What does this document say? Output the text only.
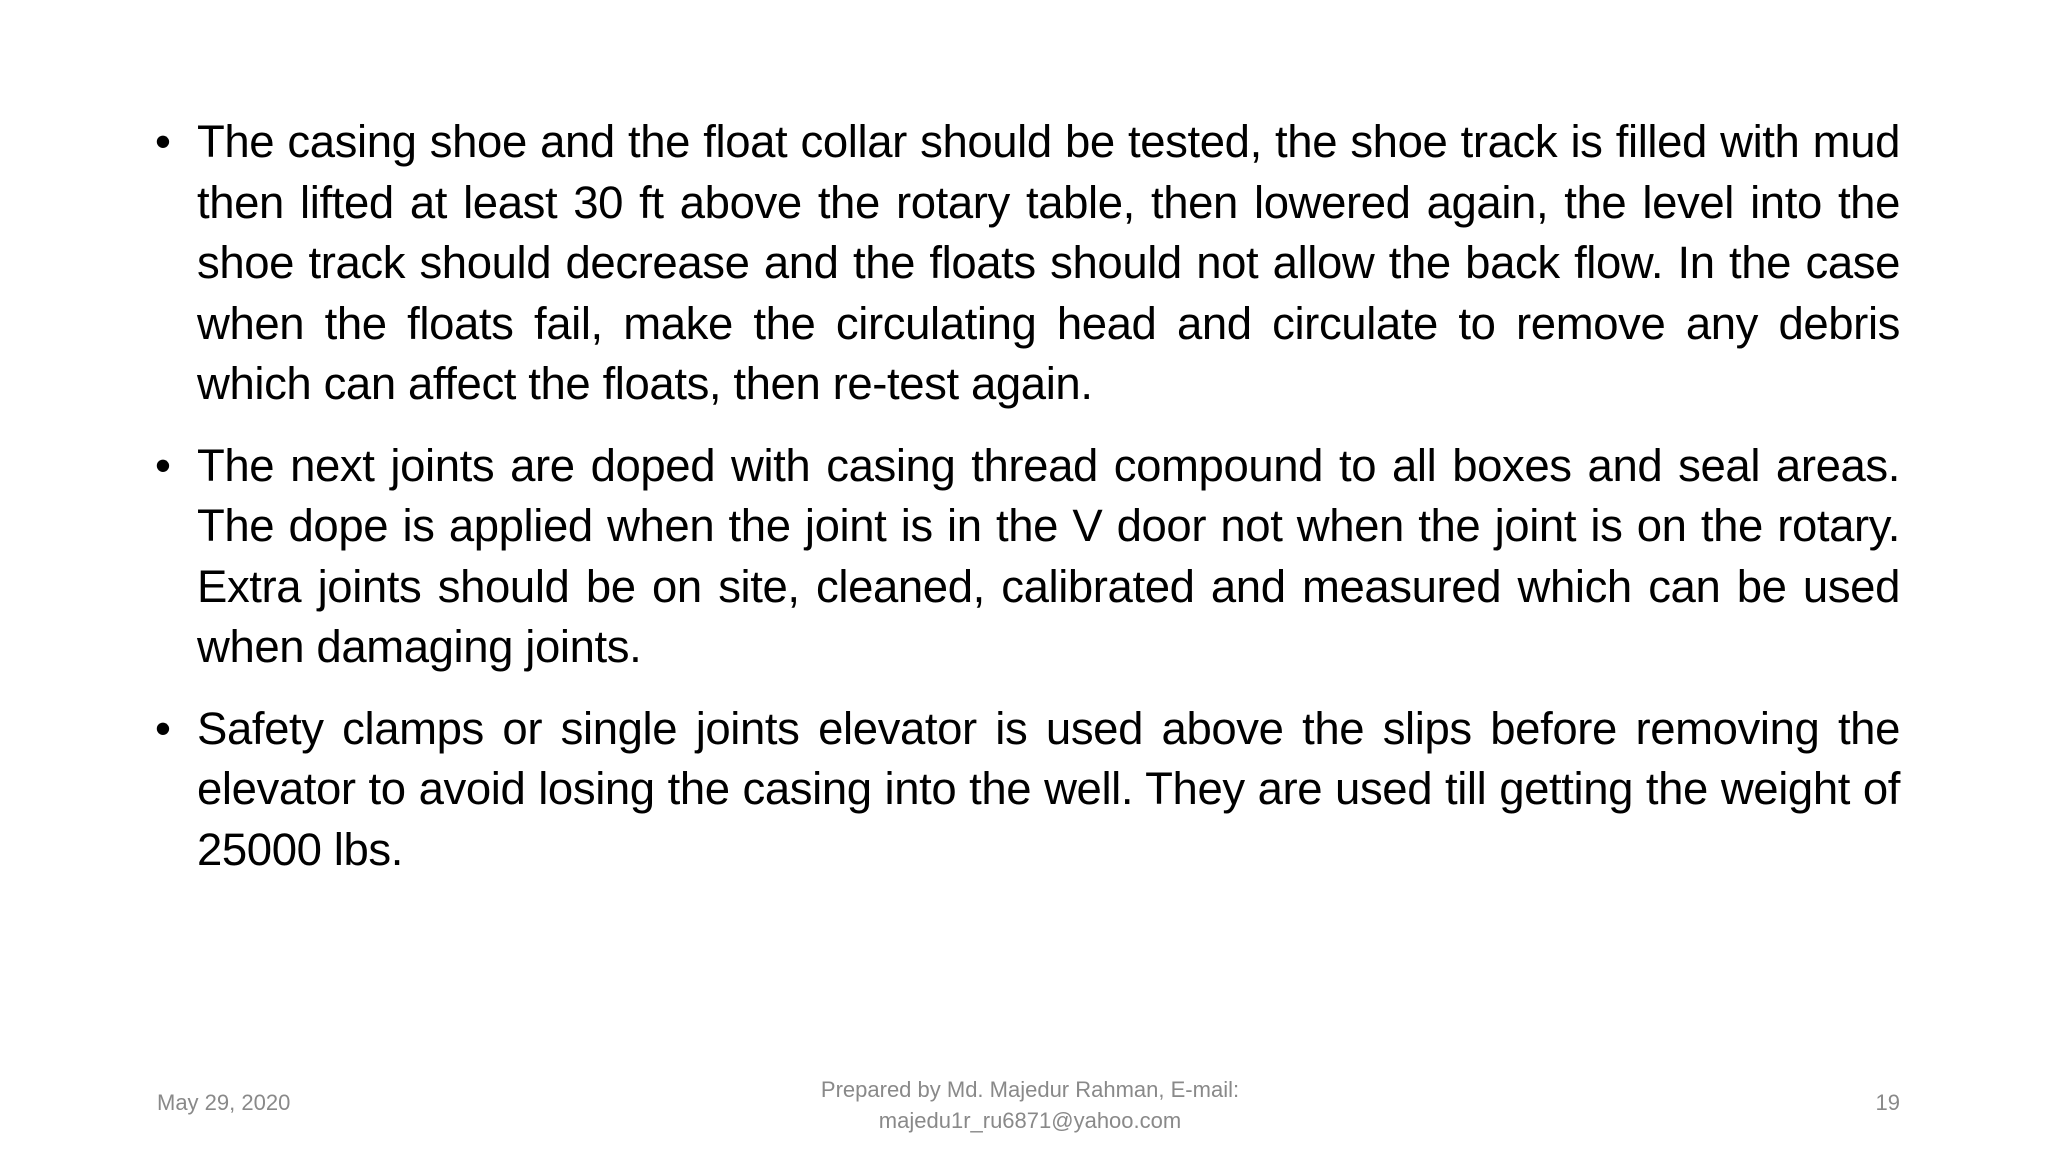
• The casing shoe and the float collar should be tested, the shoe track is filled with mud then lifted at least 30 ft above the rotary table, then lowered again, the level into the shoe track should decrease and the floats should not allow the back flow. In the case when the floats fail, make the circulating head and circulate to remove any debris which can affect the floats, then re-test again.
• The next joints are doped with casing thread compound to all boxes and seal areas. The dope is applied when the joint is in the V door not when the joint is on the rotary. Extra joints should be on site, cleaned, calibrated and measured which can be used when damaging joints.
• Safety clamps or single joints elevator is used above the slips before removing the elevator to avoid losing the casing into the well. They are used till getting the weight of 25000 lbs.
May 29, 2020
Prepared by Md. Majedur Rahman, E-mail:
majedu1r_ru6871@yahoo.com
19
